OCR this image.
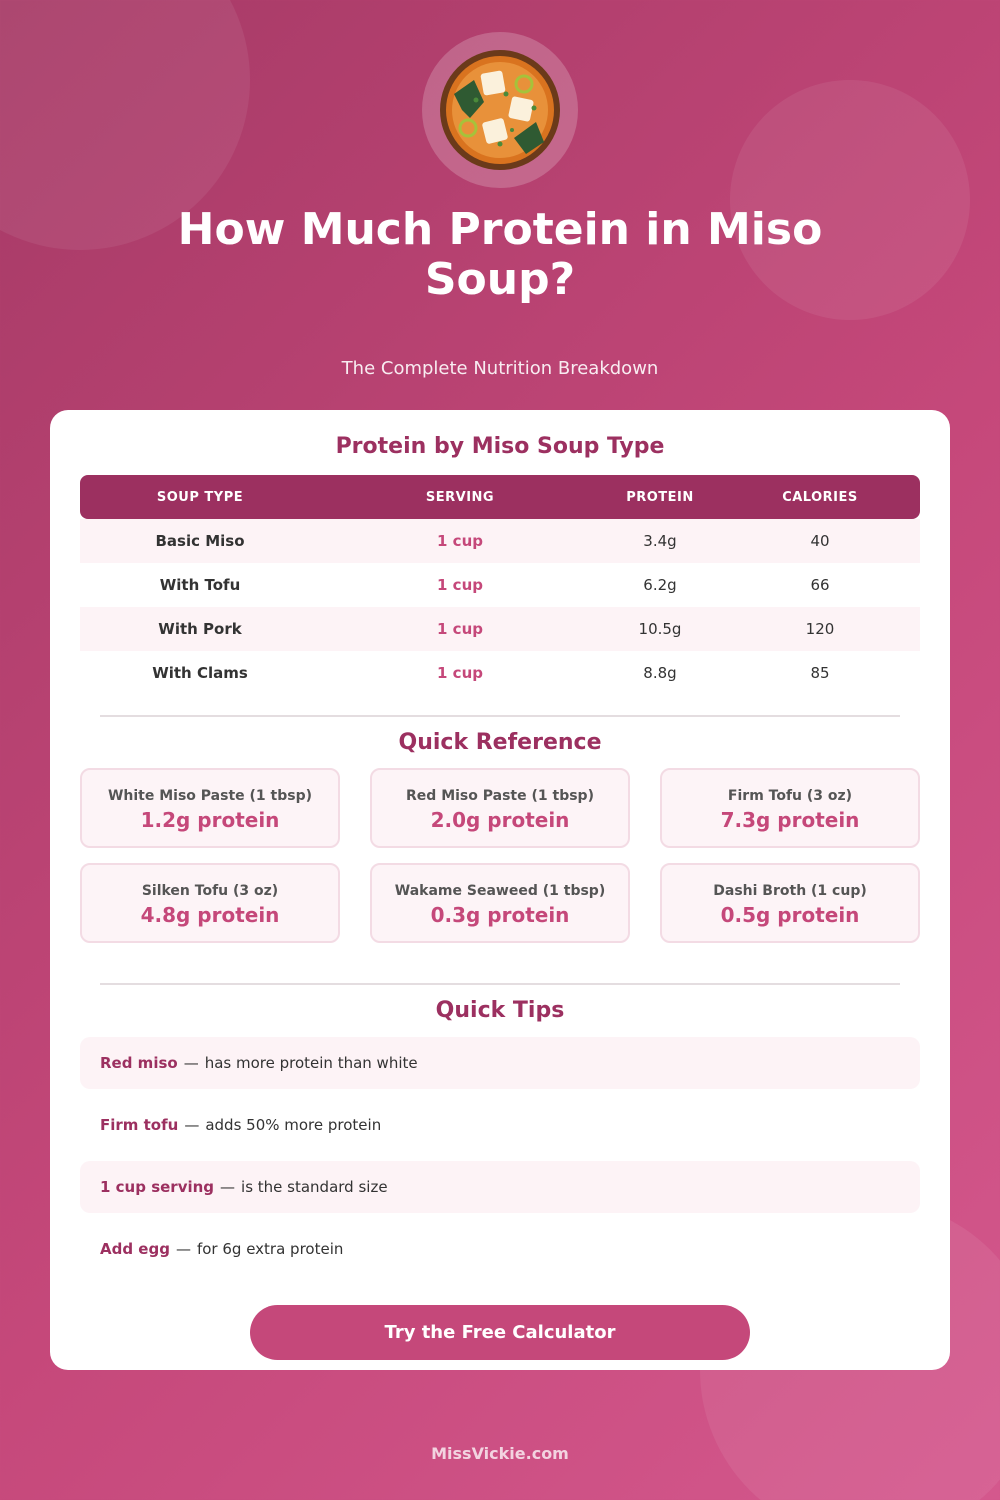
How Much Protein in Miso Soup?

The Complete Nutrition Breakdown

Protein by Miso Soup Type
SOUP TYPE	SERVING	PROTEIN	CALORIES
Basic Miso	1 cup	3.4g	40
With Tofu	1 cup	6.2g	66
With Pork	1 cup	10.5g	120
With Clams	1 cup	8.8g	85
Quick Reference
White Miso Paste (1 tbsp)
1.2g protein
Red Miso Paste (1 tbsp)
2.0g protein
Firm Tofu (3 oz)
7.3g protein
Silken Tofu (3 oz)
4.8g protein
Wakame Seaweed (1 tbsp)
0.3g protein
Dashi Broth (1 cup)
0.5g protein
Quick Tips
Red miso — has more protein than white
Firm tofu — adds 50% more protein
1 cup serving — is the standard size
Add egg — for 6g extra protein
Try the Free Calculator
MissVickie.com
